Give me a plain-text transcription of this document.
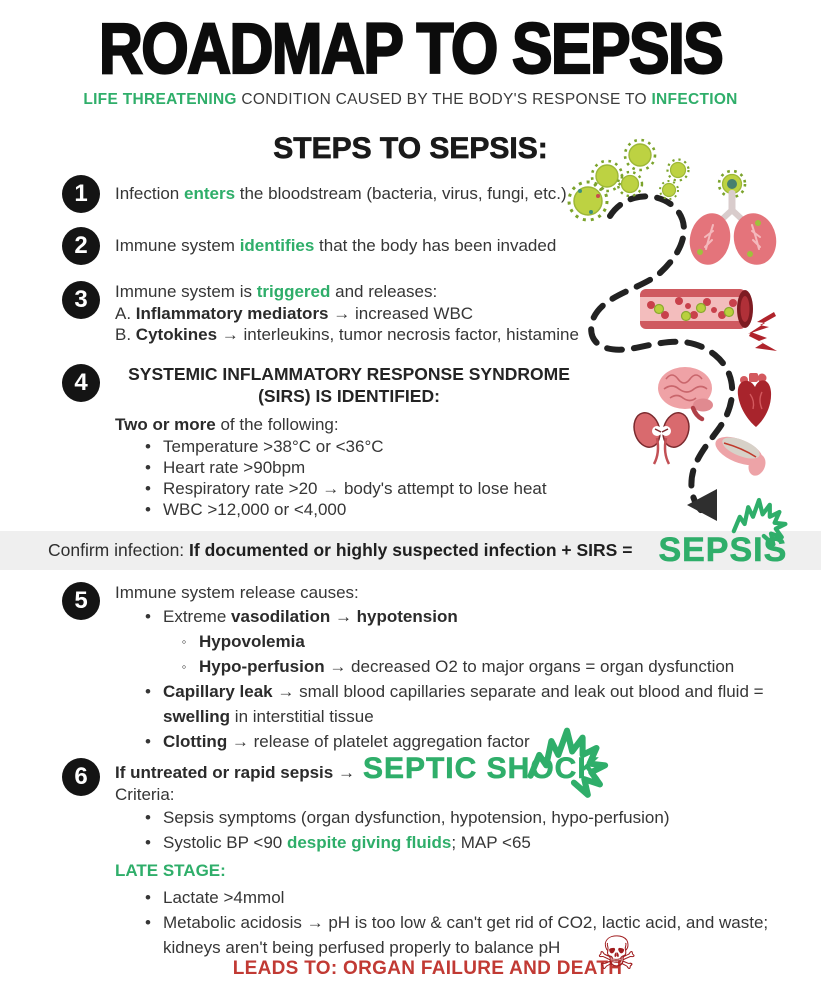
ROADMAP TO SEPSIS
LIFE THREATENING CONDITION CAUSED BY THE BODY'S RESPONSE TO INFECTION
STEPS TO SEPSIS:
1 Infection enters the bloodstream (bacteria, virus, fungi, etc.)
2 Immune system identifies that the body has been invaded
3 Immune system is triggered and releases:
A. Inflammatory mediators → increased WBC
B. Cytokines → interleukins, tumor necrosis factor, histamine
4	SYSTEMIC INFLAMMATORY RESPONSE SYNDROME
(SIRS) IS IDENTIFIED:
Two or more of the following:
• Temperature >38°C or <36°C
• Heart rate >90bpm
• Respiratory rate >20 → body's attempt to lose heat
• WBC >12,000 or <4,000
Confirm infection: If documented or highly suspected infection + SIRS = SEPSIS
5 Immune system release causes:
• Extreme vasodilation → hypotension
◦ Hypovolemia
◦ Hypo-perfusion → decreased O2 to major organs = organ dysfunction
• Capillary leak → small blood capillaries separate and leak out blood and fluid = swelling in interstitial tissue
• Clotting → release of platelet aggregation factor
6 If untreated or rapid sepsis → SEPTIC SHOCK
Criteria:
• Sepsis symptoms (organ dysfunction, hypotension, hypo-perfusion)
• Systolic BP <90 despite giving fluids; MAP <65
LATE STAGE:
• Lactate >4mmol
• Metabolic acidosis → pH is too low & can't get rid of CO2, lactic acid, and waste; kidneys aren't being perfused properly to balance pH
LEADS TO: ORGAN FAILURE AND DEATH
☠
